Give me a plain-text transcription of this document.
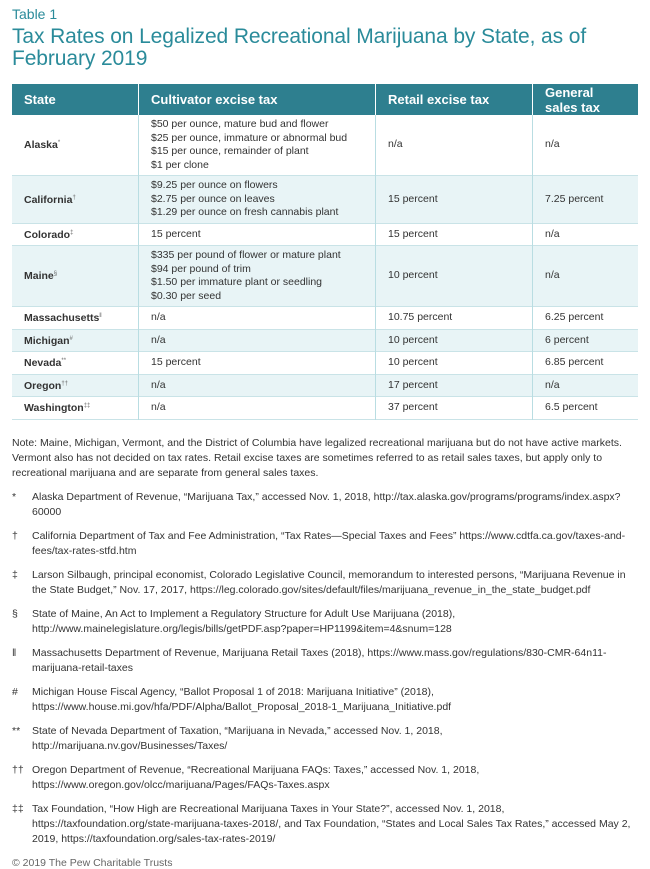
Table 1
Tax Rates on Legalized Recreational Marijuana by State, as of February 2019
State	Cultivator excise tax	Retail excise tax	General sales tax
Alaska*	$50 per ounce, mature bud and flower
$25 per ounce, immature or abnormal bud
$15 per ounce, remainder of plant
$1 per clone	n/a	n/a
California†	$9.25 per ounce on flowers
$2.75 per ounce on leaves
$1.29 per ounce on fresh cannabis plant	15 percent	7.25 percent
Colorado‡	15 percent	15 percent	n/a
Maine§	$335 per pound of flower or mature plant
$94 per pound of trim
$1.50 per immature plant or seedling
$0.30 per seed	10 percent	n/a
Massachusetts‖	n/a	10.75 percent	6.25 percent
Michigan#	n/a	10 percent	6 percent
Nevada**	15 percent	10 percent	6.85 percent
Oregon††	n/a	17 percent	n/a
Washington‡‡	n/a	37 percent	6.5 percent
Note: Maine, Michigan, Vermont, and the District of Columbia have legalized recreational marijuana but do not have active markets. Vermont also has not decided on tax rates. Retail excise taxes are sometimes referred to as retail sales taxes, but apply only to recreational marijuana and are separate from general sales taxes.
*	Alaska Department of Revenue, “Marijuana Tax,” accessed Nov. 1, 2018, http://tax.alaska.gov/programs/programs/index.aspx?60000
†	California Department of Tax and Fee Administration, “Tax Rates—Special Taxes and Fees” https://www.cdtfa.ca.gov/taxes-and-fees/tax-rates-stfd.htm
‡	Larson Silbaugh, principal economist, Colorado Legislative Council, memorandum to interested persons, “Marijuana Revenue in the State Budget,” Nov. 17, 2017, https://leg.colorado.gov/sites/default/files/marijuana_revenue_in_the_state_budget.pdf
§	State of Maine, An Act to Implement a Regulatory Structure for Adult Use Marijuana (2018), http://www.mainelegislature.org/legis/bills/getPDF.asp?paper=HP1199&item=4&snum=128
‖	Massachusetts Department of Revenue, Marijuana Retail Taxes (2018), https://www.mass.gov/regulations/830-CMR-64n11-marijuana-retail-taxes
#	Michigan House Fiscal Agency, “Ballot Proposal 1 of 2018: Marijuana Initiative” (2018), https://www.house.mi.gov/hfa/PDF/Alpha/Ballot_Proposal_2018-1_Marijuana_Initiative.pdf
**	State of Nevada Department of Taxation, “Marijuana in Nevada,” accessed Nov. 1, 2018, http://marijuana.nv.gov/Businesses/Taxes/
†† Oregon Department of Revenue, “Recreational Marijuana FAQs: Taxes,” accessed Nov. 1, 2018, https://www.oregon.gov/olcc/marijuana/Pages/FAQs-Taxes.aspx
‡‡ Tax Foundation, “How High are Recreational Marijuana Taxes in Your State?”, accessed Nov. 1, 2018, https://taxfoundation.org/state-marijuana-taxes-2018/, and Tax Foundation, “States and Local Sales Tax Rates,” accessed May 2, 2019, https://taxfoundation.org/sales-tax-rates-2019/
© 2019 The Pew Charitable Trusts
